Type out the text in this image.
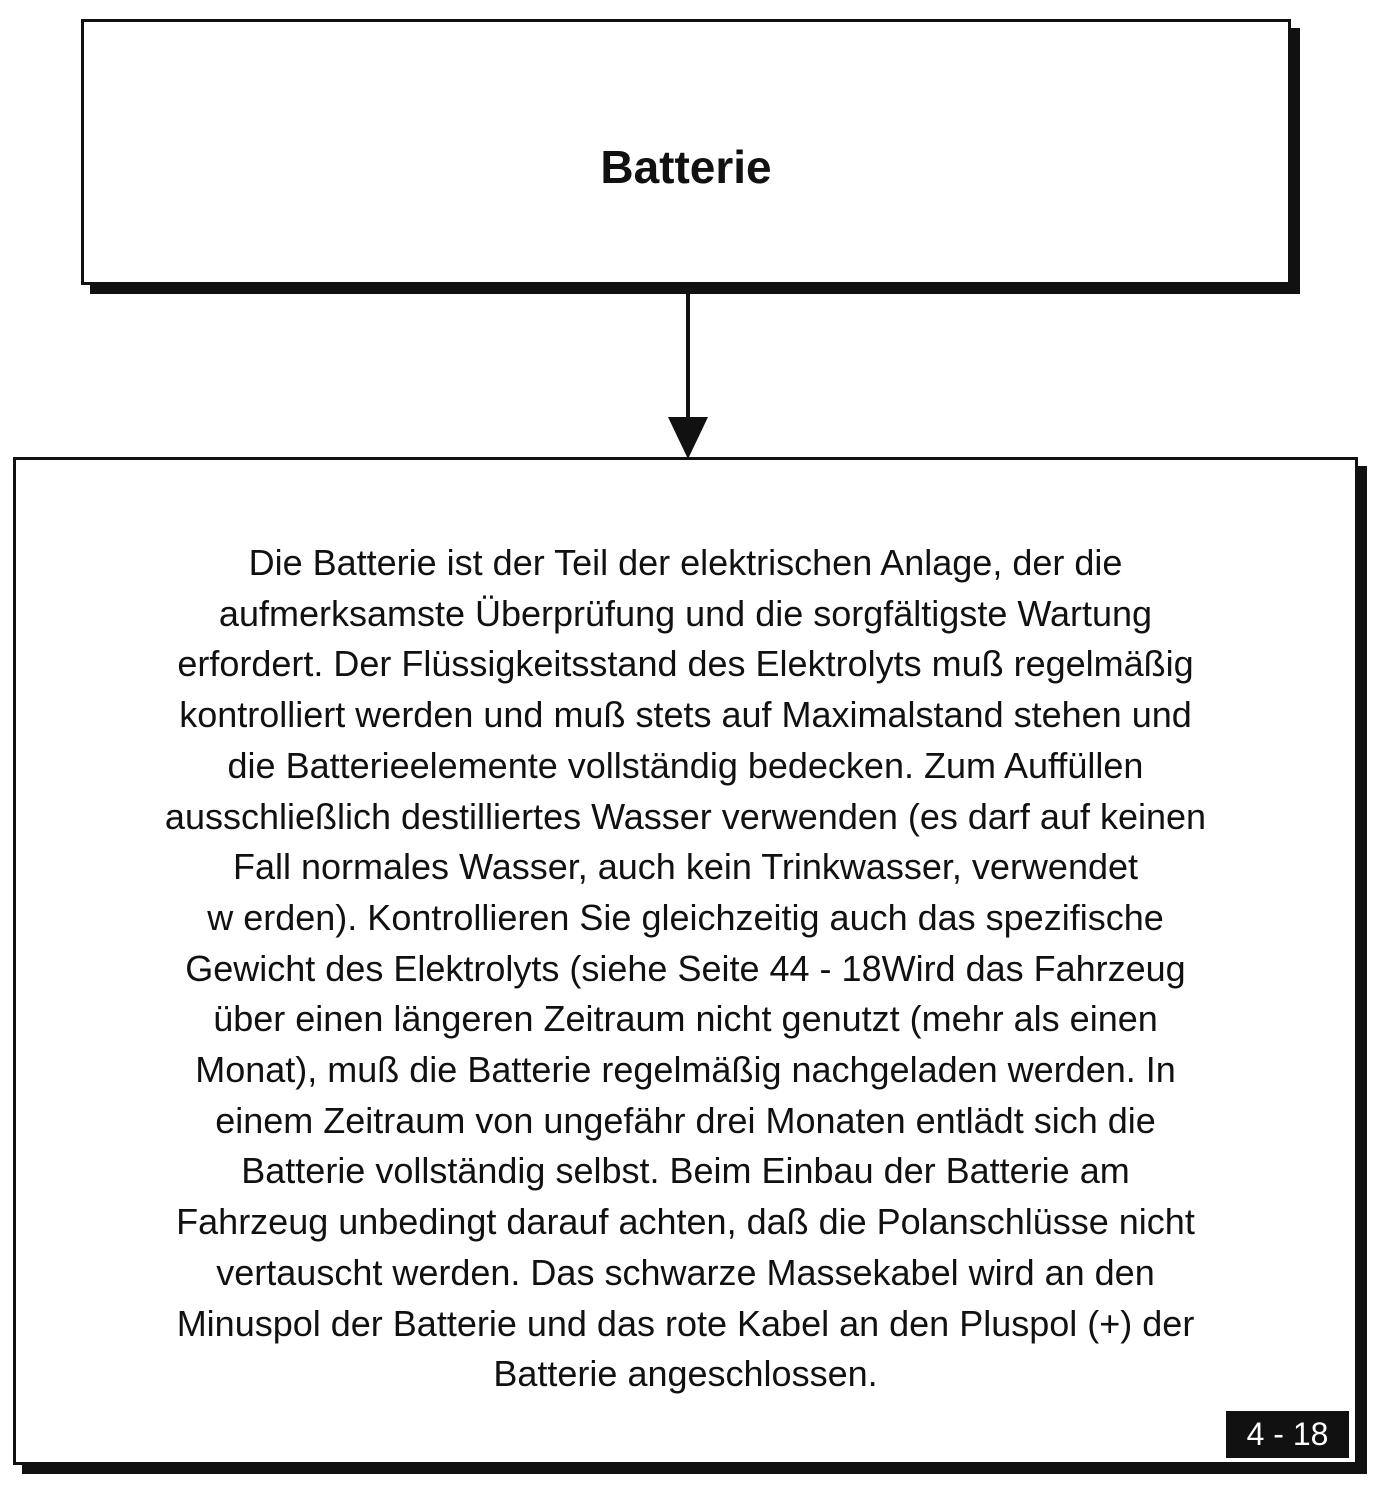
Batterie

Die Batterie ist der Teil der elektrischen Anlage, der die
aufmerksamste Überprüfung und die sorgfältigste Wartung
erfordert. Der Flüssigkeitsstand des Elektrolyts muß regelmäßig
kontrolliert werden und muß stets auf Maximalstand stehen und
die Batterieelemente vollständig bedecken. Zum Auffüllen
ausschließlich destilliertes Wasser verwenden (es darf auf keinen
Fall normales Wasser, auch kein Trinkwasser, verwendet
w erden). Kontrollieren Sie gleichzeitig auch das spezifische
Gewicht des Elektrolyts (siehe Seite 44 - 18Wird das Fahrzeug
über einen längeren Zeitraum nicht genutzt (mehr als einen
Monat), muß die Batterie regelmäßig nachgeladen werden. In
einem Zeitraum von ungefähr drei Monaten entlädt sich die
Batterie vollständig selbst. Beim Einbau der Batterie am
Fahrzeug unbedingt darauf achten, daß die Polanschlüsse nicht
vertauscht werden. Das schwarze Massekabel wird an den
Minuspol der Batterie und das rote Kabel an den Pluspol (+) der
Batterie angeschlossen.

4 - 18
